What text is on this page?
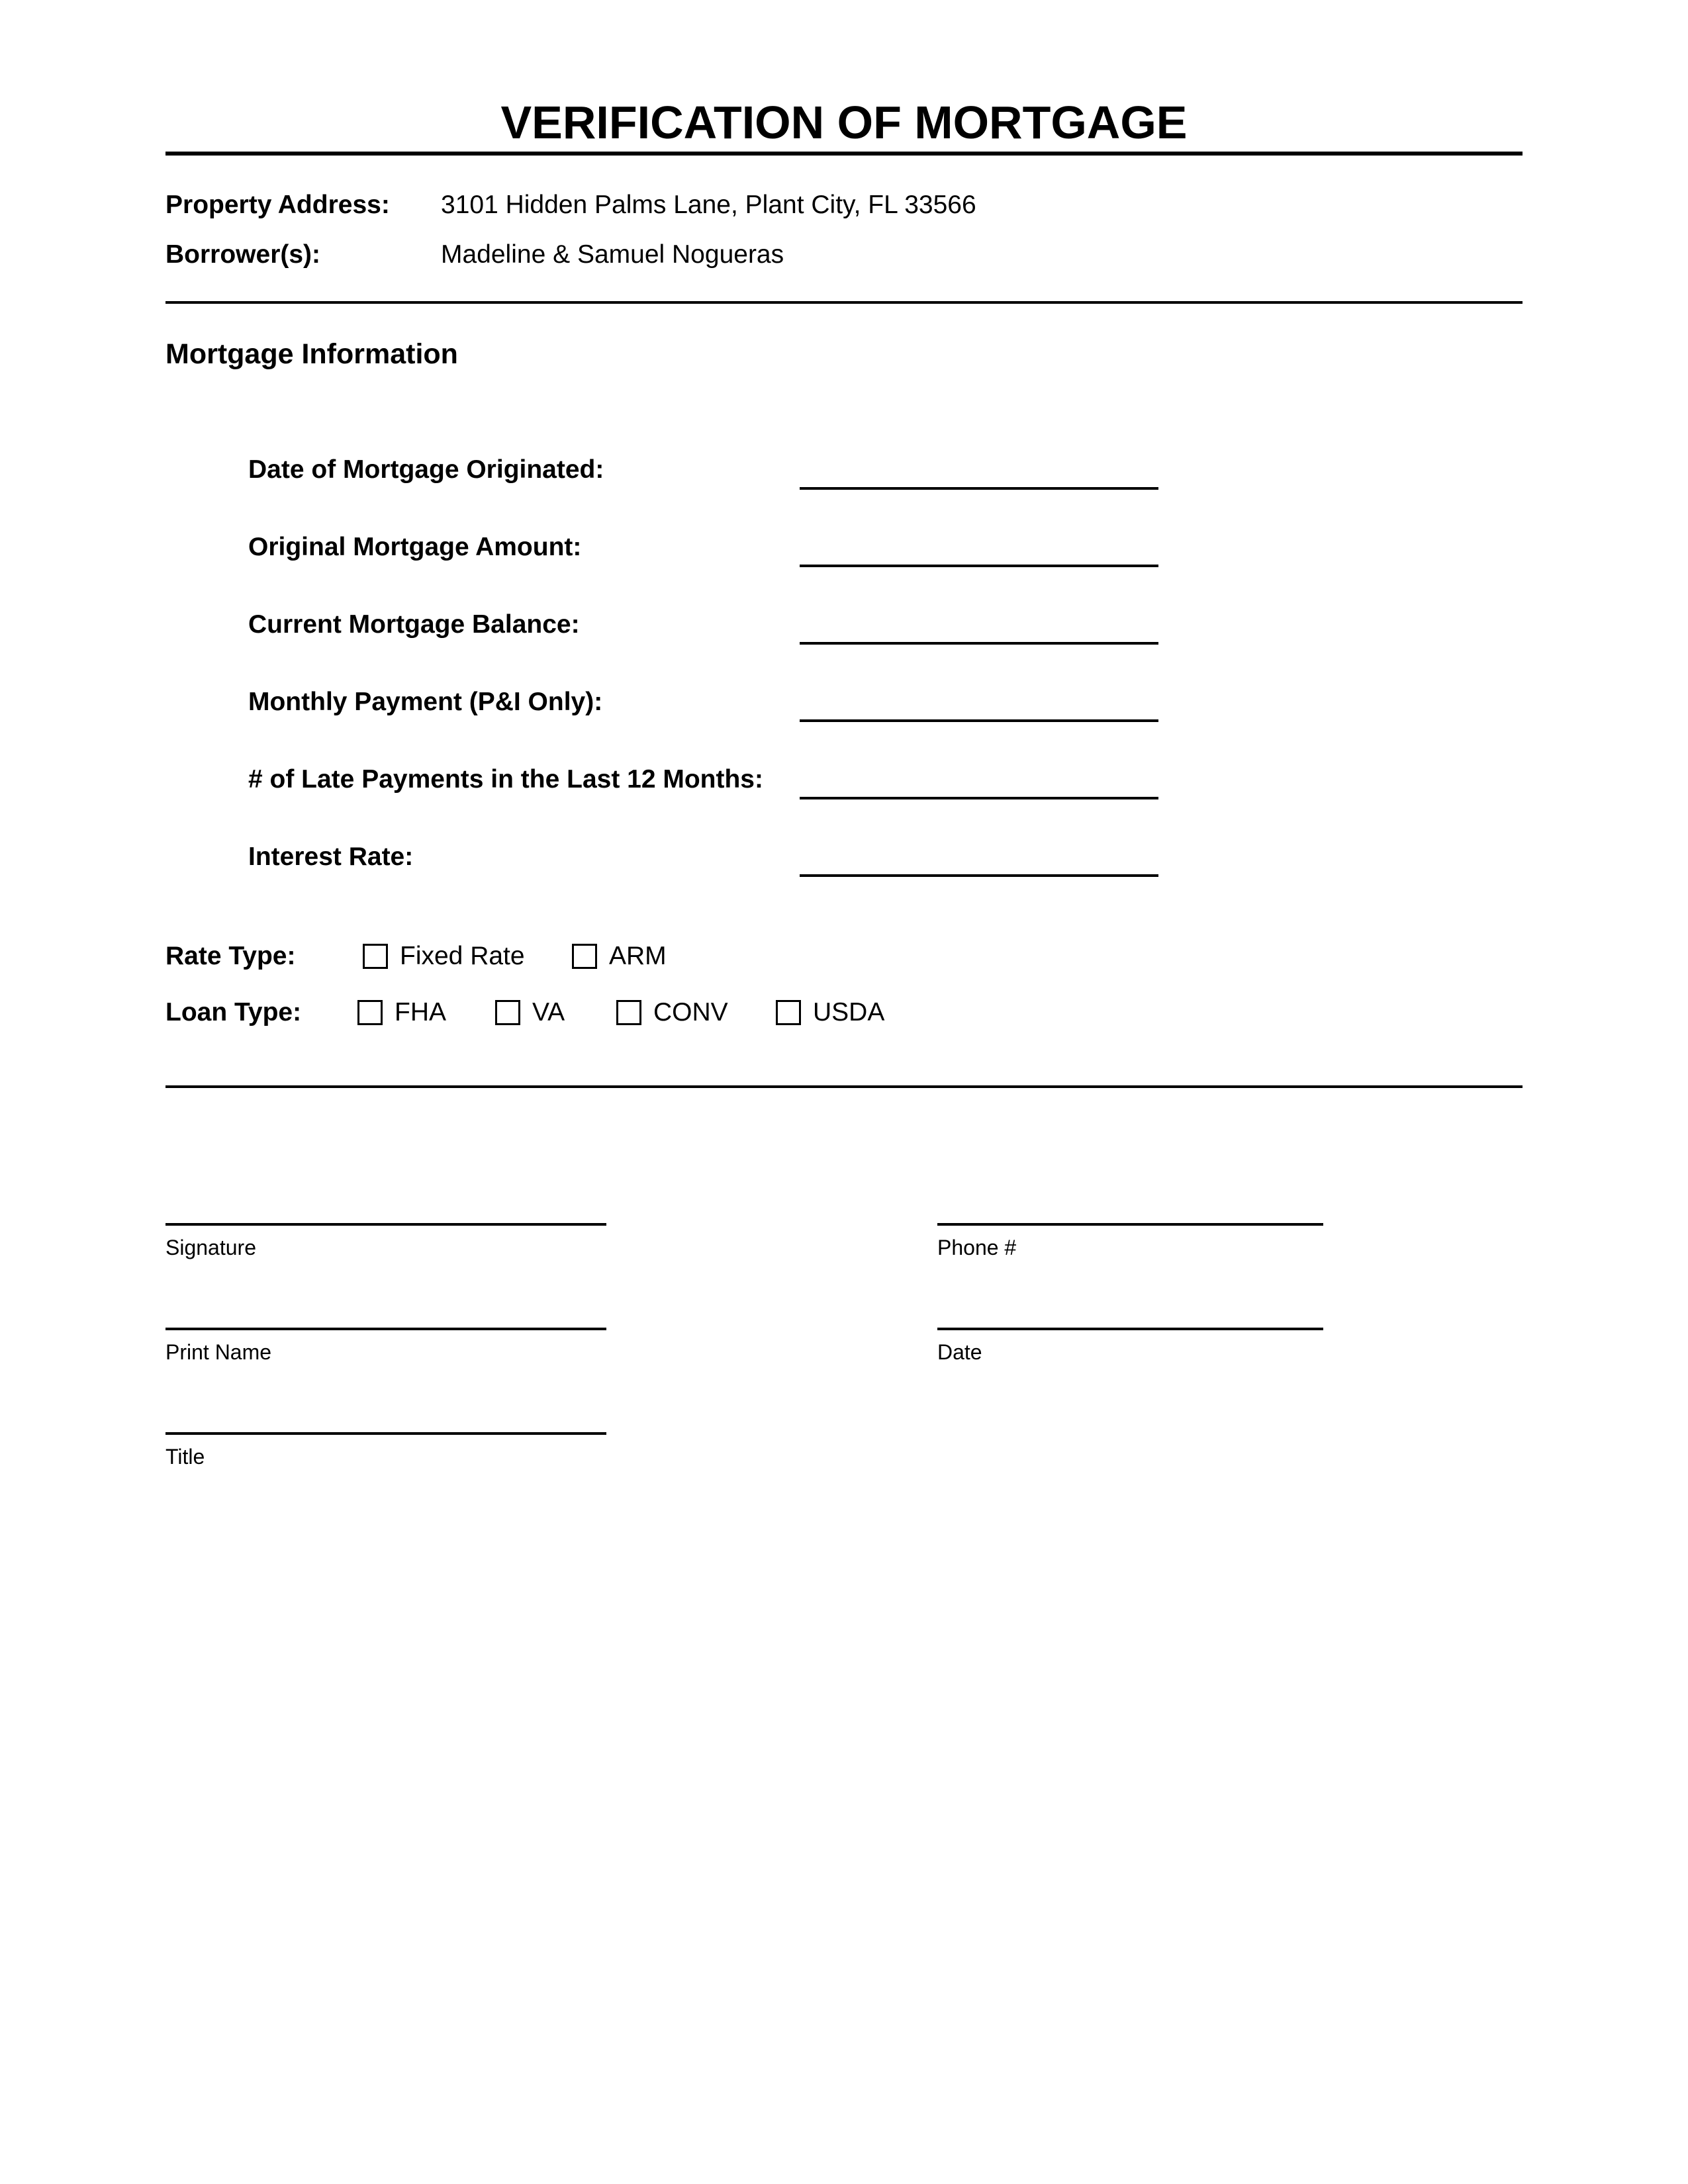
VERIFICATION OF MORTGAGE
Property Address: 3101 Hidden Palms Lane, Plant City, FL 33566
Borrower(s):	Madeline & Samuel Nogueras
Mortgage Information
Date of Mortgage Originated:
Original Mortgage Amount:
Current Mortgage Balance:
Monthly Payment (P&I Only):
# of Late Payments in the Last 12 Months:
Interest Rate:
Rate Type:	Fixed Rate	ARM
Loan Type:	FHA	VA	CONV	USDA
Signature	Phone #
Print Name	Date
Title
